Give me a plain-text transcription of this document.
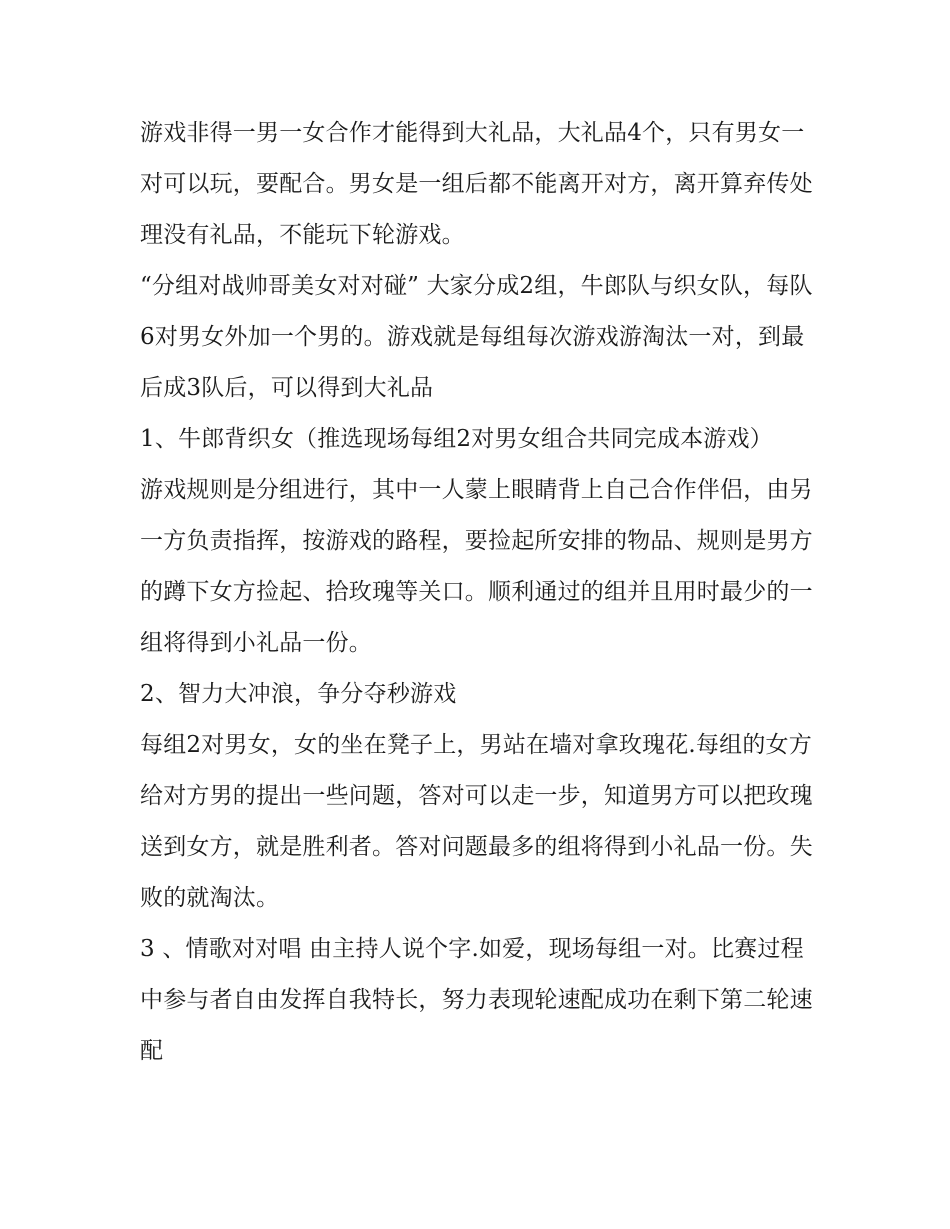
游戏非得一男一女合作才能得到大礼品，大礼品4个，只有男女一对可以玩，要配合。男女是一组后都不能离开对方，离开算弃传处理没有礼品，不能玩下轮游戏。

“分组对战帅哥美女对对碰” 大家分成2组，牛郎队与织女队，每队6对男女外加一个男的。游戏就是每组每次游戏游淘汰一对，到最后成3队后，可以得到大礼品

1、牛郎背织女（推选现场每组2对男女组合共同完成本游戏）

游戏规则是分组进行，其中一人蒙上眼睛背上自己合作伴侣，由另一方负责指挥，按游戏的路程，要捡起所安排的物品、规则是男方的蹲下女方捡起、拾玫瑰等关口。顺利通过的组并且用时最少的一组将得到小礼品一份。

2、智力大冲浪，争分夺秒游戏

每组2对男女，女的坐在凳子上，男站在墙对拿玫瑰花.每组的女方给对方男的提出一些问题，答对可以走一步，知道男方可以把玫瑰送到女方，就是胜利者。答对问题最多的组将得到小礼品一份。失败的就淘汰。

3 、情歌对对唱 由主持人说个字.如爱，现场每组一对。比赛过程中参与者自由发挥自我特长，努力表现轮速配成功在剩下第二轮速配
